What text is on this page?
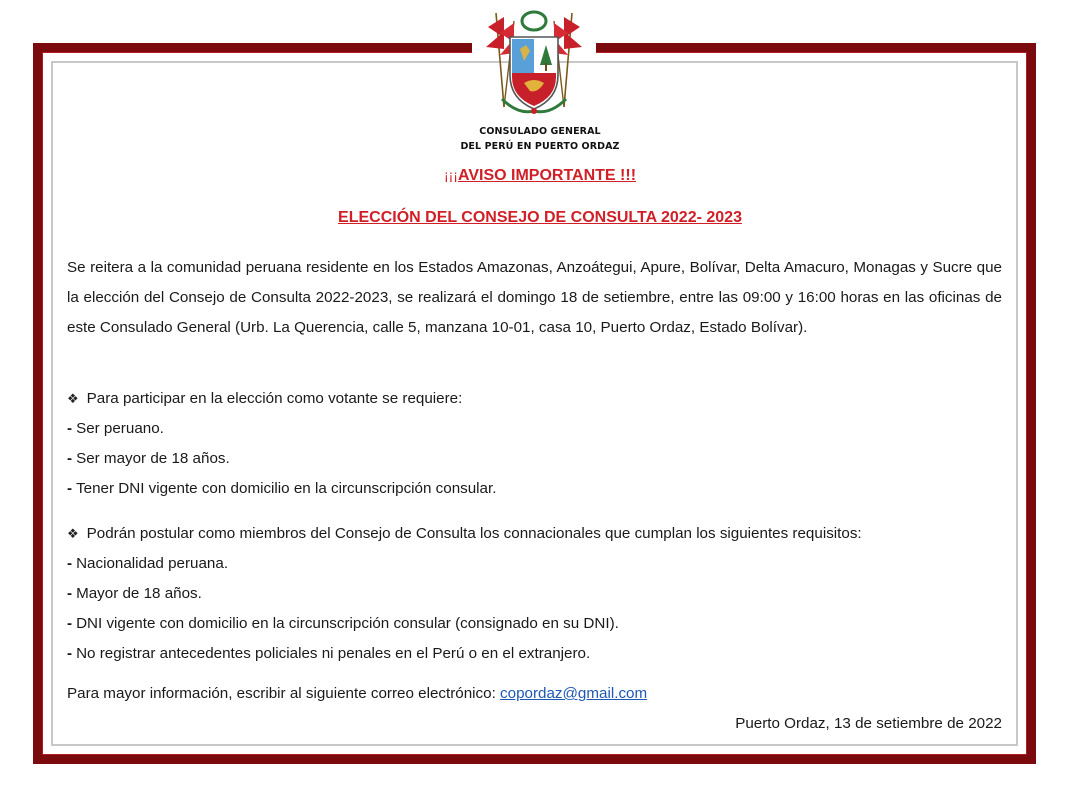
CONSULADO GENERAL
DEL PERÚ EN PUERTO ORDAZ
¡¡¡AVISO IMPORTANTE !!!
ELECCIÓN DEL CONSEJO DE CONSULTA 2022- 2023
Se reitera a la comunidad peruana residente en los Estados Amazonas, Anzoátegui, Apure, Bolívar, Delta Amacuro, Monagas y Sucre que la elección del Consejo de Consulta 2022-2023, se realizará el domingo 18 de setiembre, entre las 09:00 y 16:00 horas en las oficinas de este Consulado General (Urb. La Querencia, calle 5, manzana 10-01, casa 10, Puerto Ordaz, Estado Bolívar).
❖ Para participar en la elección como votante se requiere:
- Ser peruano.
- Ser mayor de 18 años.
- Tener DNI vigente con domicilio en la circunscripción consular.
❖ Podrán postular como miembros del Consejo de Consulta los connacionales que cumplan los siguientes requisitos:
- Nacionalidad peruana.
- Mayor de 18 años.
- DNI vigente con domicilio en la circunscripción consular (consignado en su DNI).
- No registrar antecedentes policiales ni penales en el Perú o en el extranjero.
Para mayor información, escribir al siguiente correo electrónico: copordaz@gmail.com
Puerto Ordaz, 13 de setiembre de 2022
